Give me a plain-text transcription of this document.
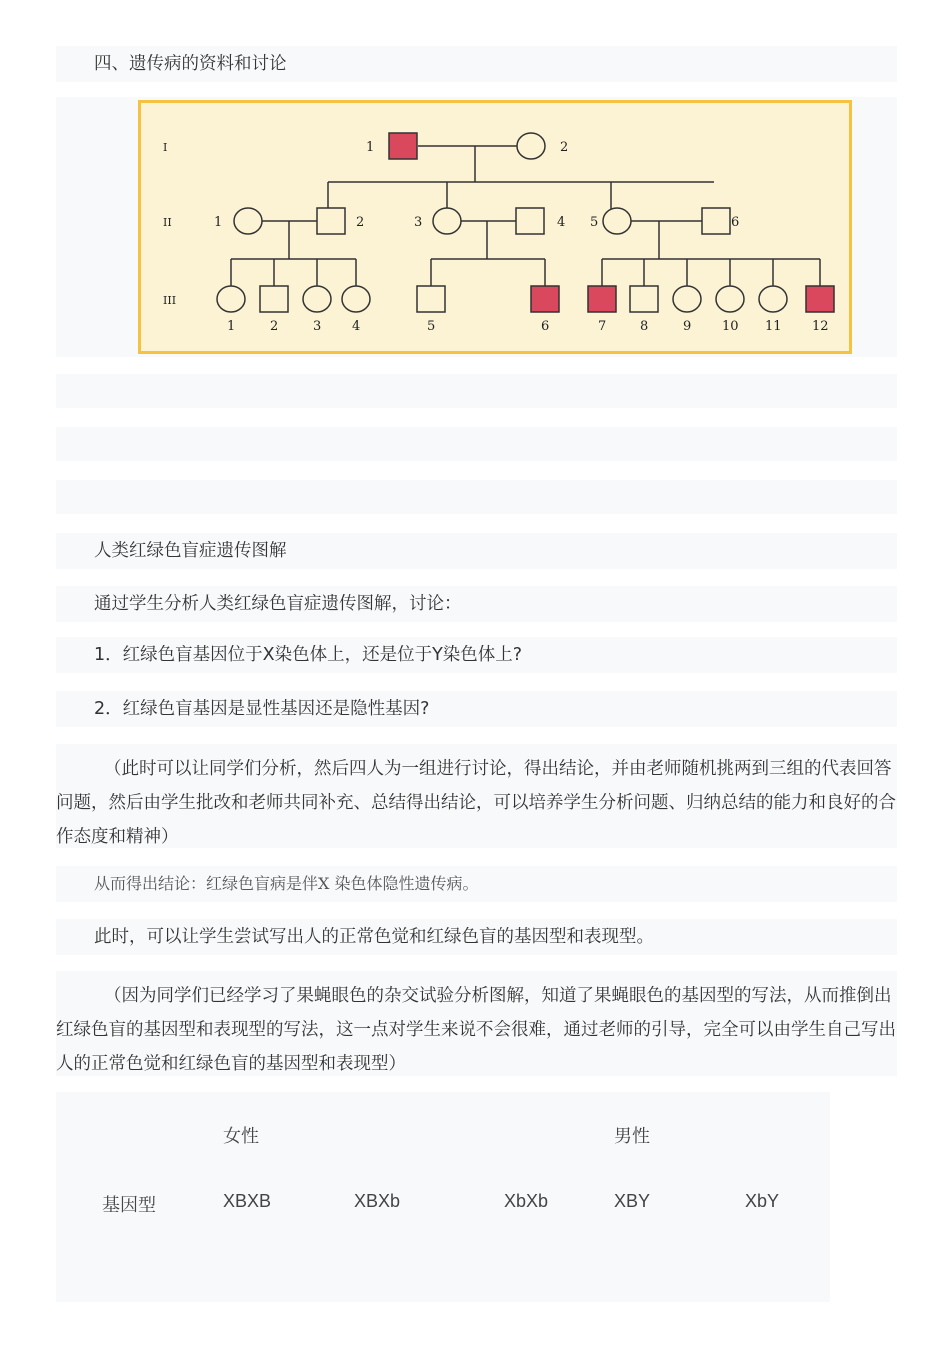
四、遗传病的资料和讨论
1	2
1	2	3	4 5	6
1	2	3 4	5	6	7	8	9 10 11 12
I
II
III
人类红绿色盲症遗传图解
通过学生分析人类红绿色盲症遗传图解，讨论：
1．红绿色盲基因位于X染色体上，还是位于Y染色体上?
2．红绿色盲基因是显性基因还是隐性基因?
（此时可以让同学们分析，然后四人为一组进行讨论，得出结论，并由老师随机挑两到三组的代表回答问题，然后由学生批改和老师共同补充、总结得出结论，可以培养学生分析问题、归纳总结的能力和良好的合作态度和精神）
从而得出结论：红绿色盲病是伴X 染色体隐性遗传病。
此时，可以让学生尝试写出人的正常色觉和红绿色盲的基因型和表现型。
（因为同学们已经学习了果蝇眼色的杂交试验分析图解，知道了果蝇眼色的基因型的写法，从而推倒出红绿色盲的基因型和表现型的写法，这一点对学生来说不会很难，通过老师的引导，完全可以由学生自己写出人的正常色觉和红绿色盲的基因型和表现型）
女性	男性
基因型	XBXB	XBXb	XbXb	XBY	XbY
